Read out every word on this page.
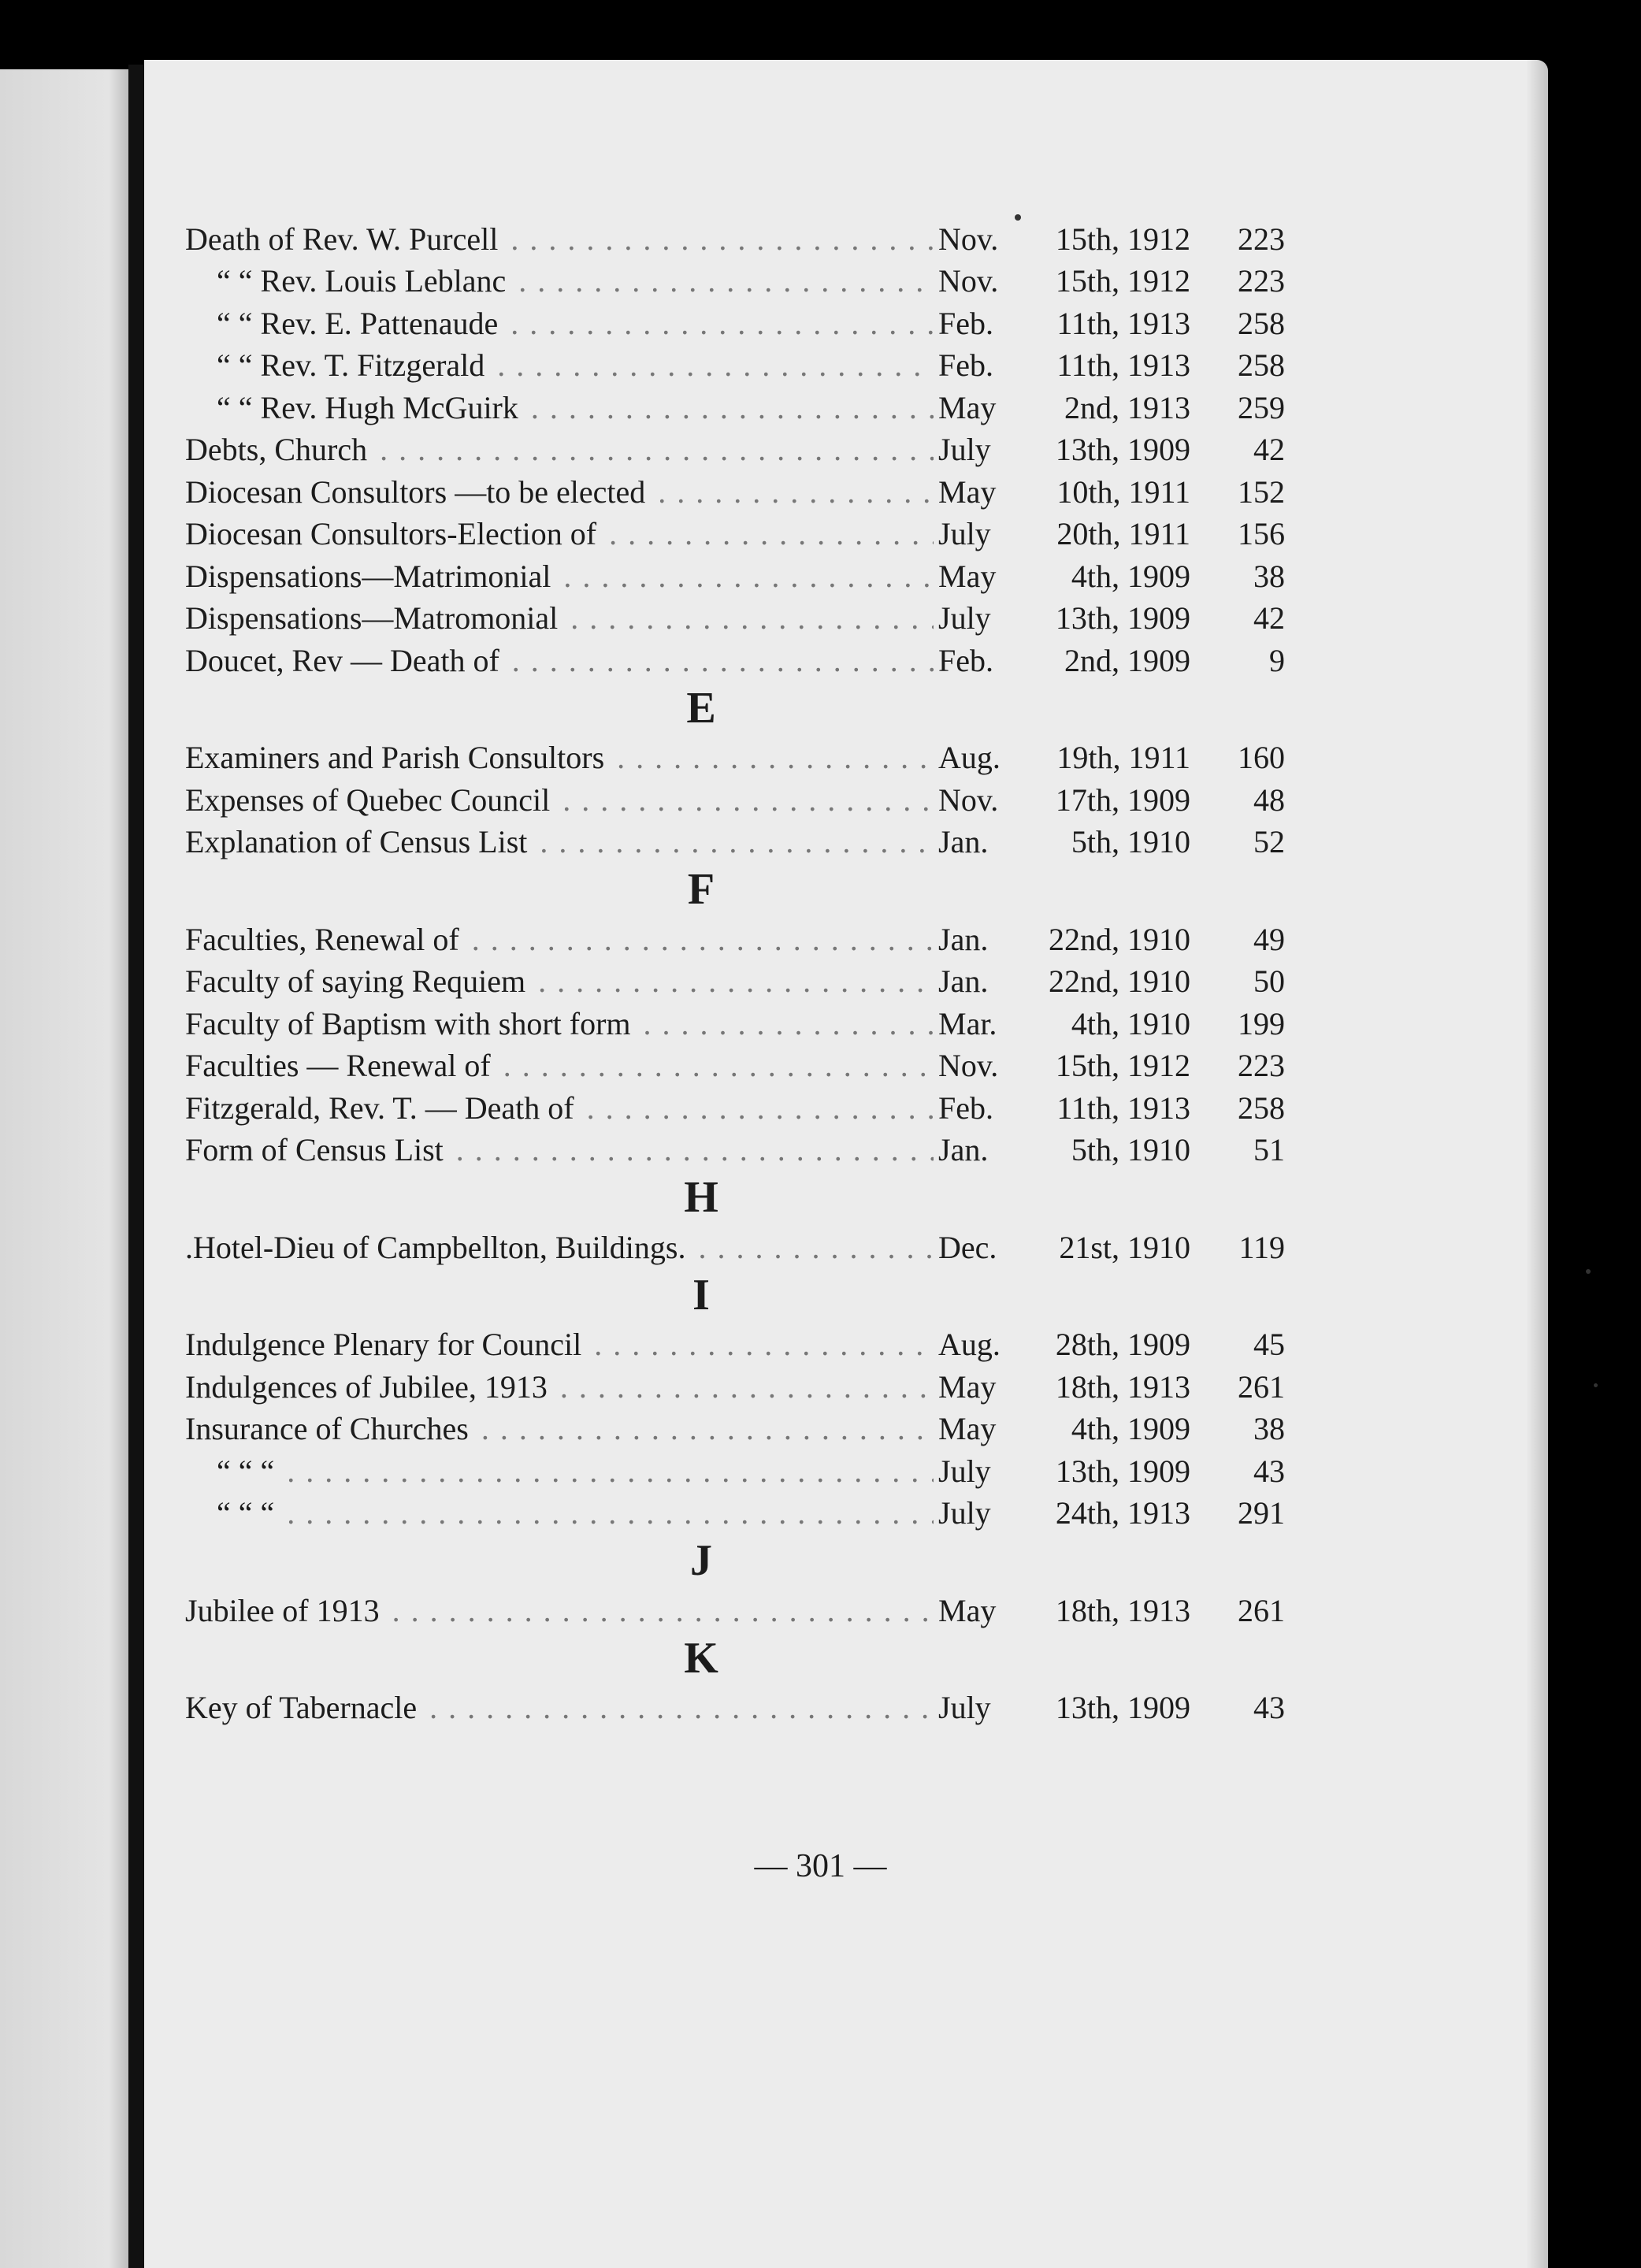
Death of Rev. W. Purcell . . .	Nov.	15th, 1912	223
“ “ Rev. Louis Leblanc . . .	Nov.	15th, 1912	223
“ “ Rev. E. Pattenaude . . .	Feb.	11th, 1913	258
“ “ Rev. T. Fitzgerald . . .	Feb.	11th, 1913	258
“ “ Rev. Hugh McGuirk . . .	May	2nd, 1913	259
Debts, Church . . .	July	13th, 1909	42
Diocesan Consultors —to be elected . . .	May	10th, 1911	152
Diocesan Consultors-Election of . . .	July	20th, 1911	156
Dispensations—Matrimonial . . .	May	4th, 1909	38
Dispensations—Matromonial . . .	July	13th, 1909	42
Doucet, Rev — Death of . . .	Feb.	2nd, 1909	9
E
Examiners and Parish Consultors . . .	Aug.	19th, 1911	160
Expenses of Quebec Council . . .	Nov.	17th, 1909	48
Explanation of Census List . . .	Jan.	5th, 1910	52
F
Faculties, Renewal of . . .	Jan.	22nd, 1910	49
Faculty of saying Requiem . . .	Jan.	22nd, 1910	50
Faculty of Baptism with short form . . .	Mar.	4th, 1910	199
Faculties — Renewal of . . .	Nov.	15th, 1912	223
Fitzgerald, Rev. T. — Death of . . .	Feb.	11th, 1913	258
Form of Census List . . .	Jan.	5th, 1910	51
H
.Hotel-Dieu of Campbellton, Buildings. . . .	Dec.	21st, 1910	119
I
Indulgence Plenary for Council . . .	Aug.	28th, 1909	45
Indulgences of Jubilee, 1913 . . .	May	18th, 1913	261
Insurance of Churches . . .	May	4th, 1909	38
“ “ “ . . .	July	13th, 1909	43
“ “ “ . . .	July	24th, 1913	291
J
Jubilee of 1913 . . .	May	18th, 1913	261
K
Key of Tabernacle . . .	July	13th, 1909	43
— 301 —
